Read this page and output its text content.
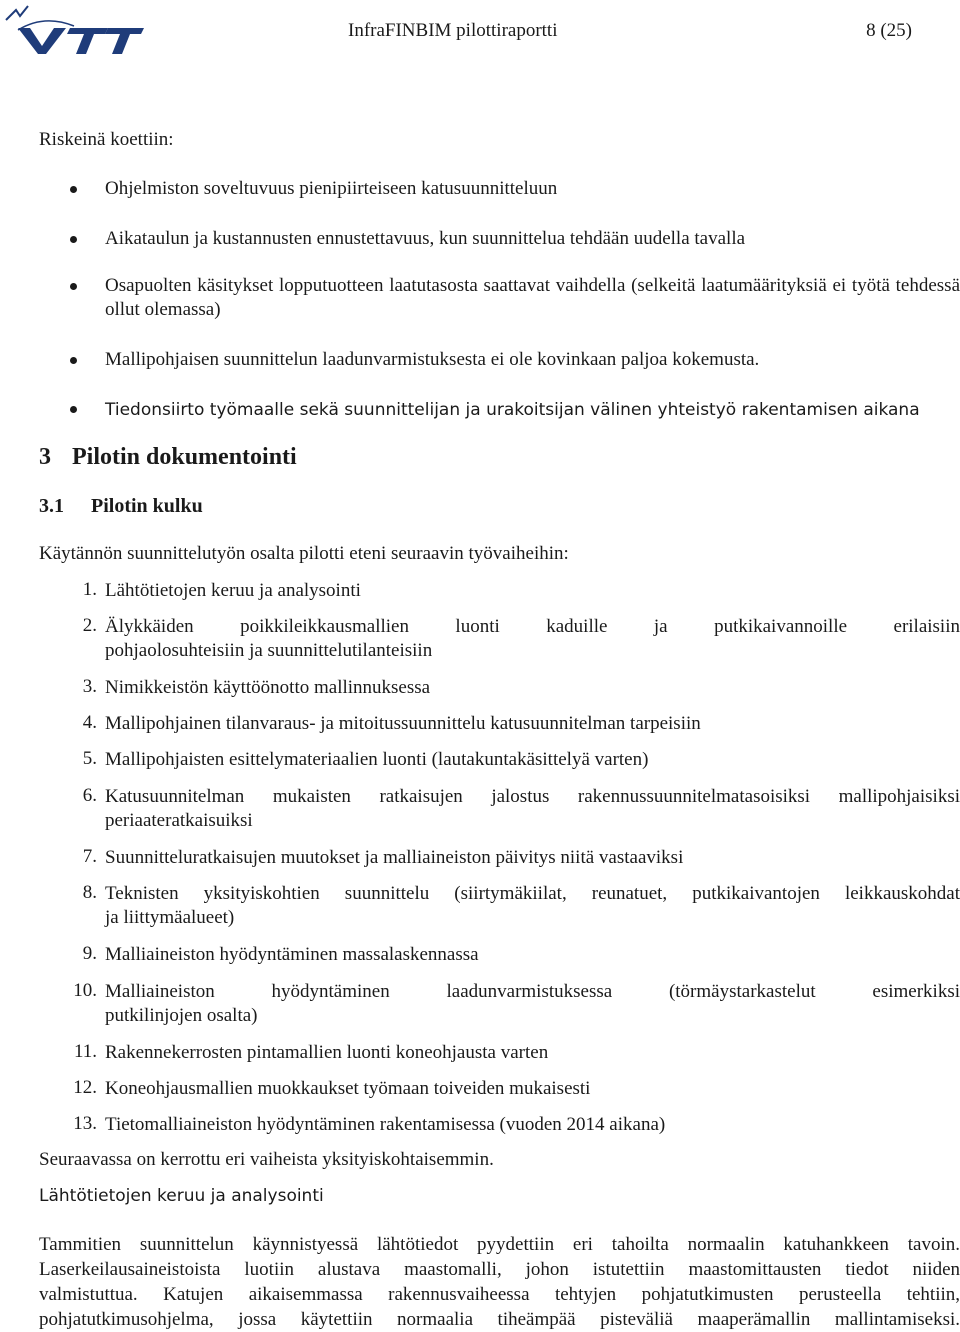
InfraFINBIM pilottiraportti	8 (25)
Riskeinä koettiin:
Ohjelmiston soveltuvuus pienipiirteiseen katusuunnitteluun
Aikataulun ja kustannusten ennustettavuus, kun suunnittelua tehdään uudella tavalla
Osapuolten käsitykset lopputuotteen laatutasosta saattavat vaihdella (selkeitä laatumäärityksiä ei työtä tehdessä ollut olemassa)
Mallipohjaisen suunnittelun laadunvarmistuksesta ei ole kovinkaan paljoa kokemusta.
Tiedonsiirto työmaalle sekä suunnittelijan ja urakoitsijan välinen yhteistyö rakentamisen aikana
3 Pilotin dokumentointi
3.1 Pilotin kulku
Käytännön suunnittelutyön osalta pilotti eteni seuraavin työvaiheihin:
1. Lähtötietojen keruu ja analysointi
2. Älykkäiden poikkileikkausmallien luonti kaduille ja putkikaivannoille erilaisiin
pohjaolosuhteisiin ja suunnittelutilanteisiin
3. Nimikkeistön käyttöönotto mallinnuksessa
4. Mallipohjainen tilanvaraus- ja mitoitussuunnittelu katusuunnitelman tarpeisiin
5. Mallipohjaisten esittelymateriaalien luonti (lautakuntakäsittelyä varten)
6. Katusuunnitelman mukaisten ratkaisujen jalostus rakennussuunnitelmatasoisiksi mallipohjaisiksi
periaateratkaisuiksi
7. Suunnitteluratkaisujen muutokset ja malliaineiston päivitys niitä vastaaviksi
8. Teknisten yksityiskohtien suunnittelu (siirtymäkiilat, reunatuet, putkikaivantojen leikkauskohdat
ja liittymäalueet)
9. Malliaineiston hyödyntäminen massalaskennassa
10. Malliaineiston hyödyntäminen laadunvarmistuksessa (törmäystarkastelut esimerkiksi
putkilinjojen osalta)
11. Rakennekerrosten pintamallien luonti koneohjausta varten
12. Koneohjausmallien muokkaukset työmaan toiveiden mukaisesti
13. Tietomalliaineiston hyödyntäminen rakentamisessa (vuoden 2014 aikana)
Seuraavassa on kerrottu eri vaiheista yksityiskohtaisemmin.
Lähtötietojen keruu ja analysointi
Tammitien suunnittelun käynnistyessä lähtötiedot pyydettiin eri tahoilta normaalin katuhankkeen tavoin.
Laserkeilausaineistoista luotiin alustava maastomalli, johon istutettiin maastomittausten tiedot niiden
valmistuttua. Katujen aikaisemmassa rakennusvaiheessa tehtyjen pohjatutkimusten perusteella tehtiin,
pohjatutkimusohjelma, jossa käytettiin normaalia tiheämpää pisteväliä maaperämallin mallintamiseksi.
